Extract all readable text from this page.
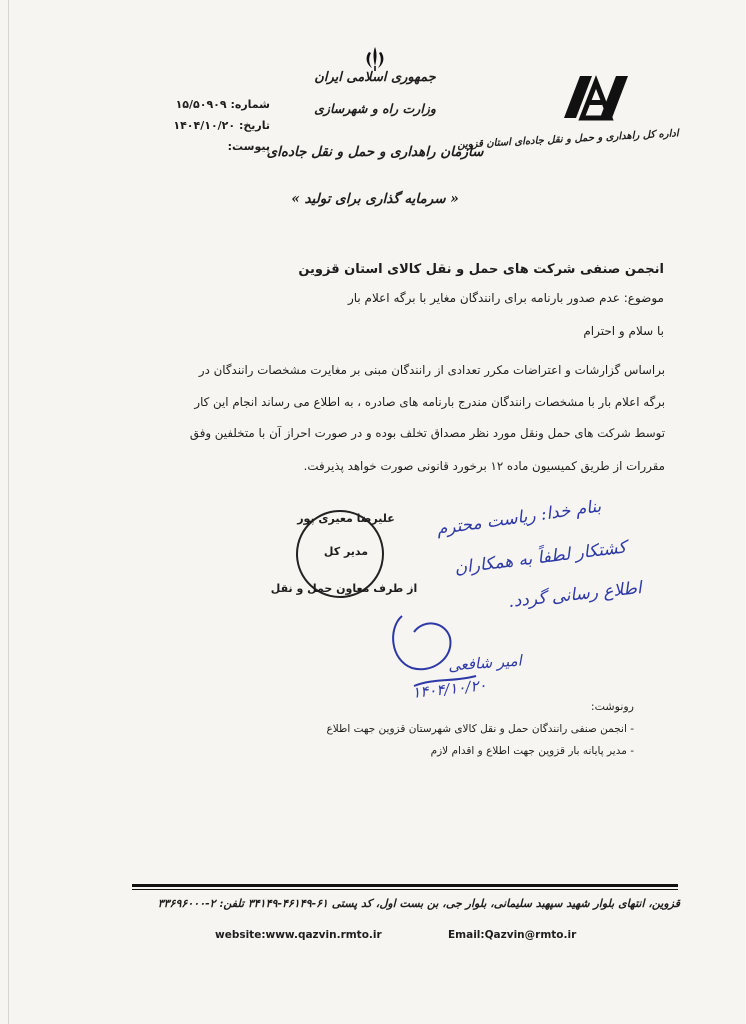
جمهوری اسلامی ایران
وزارت راه و شهرسازی
سازمان راهداری و حمل و نقل جاده‌ای
« سرمایه گذاری برای تولید »
شماره: ۱۵/۵۰۹۰۹
تاریخ: ۱۴۰۴/۱۰/۲۰
پیوست:	اداره کل راهداری و حمل و نقل جاده‌ای استان قزوین
انجمن صنفی شرکت های حمل و نقل کالای استان قزوین
موضوع: عدم صدور بارنامه برای رانندگان مغایر با برگه اعلام بار
با سلام و احترام
براساس گزارشات و اعتراضات مکرر تعدادی از رانندگان مبنی بر مغایرت مشخصات رانندگان در
برگه اعلام بار با مشخصات رانندگان مندرج بارنامه های صادره ، به اطلاع می رساند انجام این کار
توسط شرکت های حمل ونقل مورد نظر مصداق تخلف بوده و در صورت احراز آن با متخلفین وفق
مقررات از طریق کمیسیون ماده ۱۲ برخورد قانونی صورت خواهد پذیرفت.
علیرضا معیری پور
مدیر کل
از طرف معاون حمل و نقل
بنام خدا: ریاست محترم
کشتکار لطفاً به همکاران
اطلاع رسانی گردد.
امیر شافعی
۱۴۰۴/۱۰/۲۰
رونوشت:
- انجمن صنفی رانندگان حمل و نقل کالای شهرستان قزوین جهت اطلاع
- مدیر پایانه بار قزوین جهت اطلاع و اقدام لازم
قزوین، انتهای بلوار شهید سپهبد سلیمانی، بلوار جی، بن بست اول، کد پستی ۶۱-۴۶۱۴۹-۳۴۱۴۹ تلفن: ۲-۳۳۶۹۶۰۰۰
website:www.qazvin.rmto.ir	Email:Qazvin@rmto.ir
